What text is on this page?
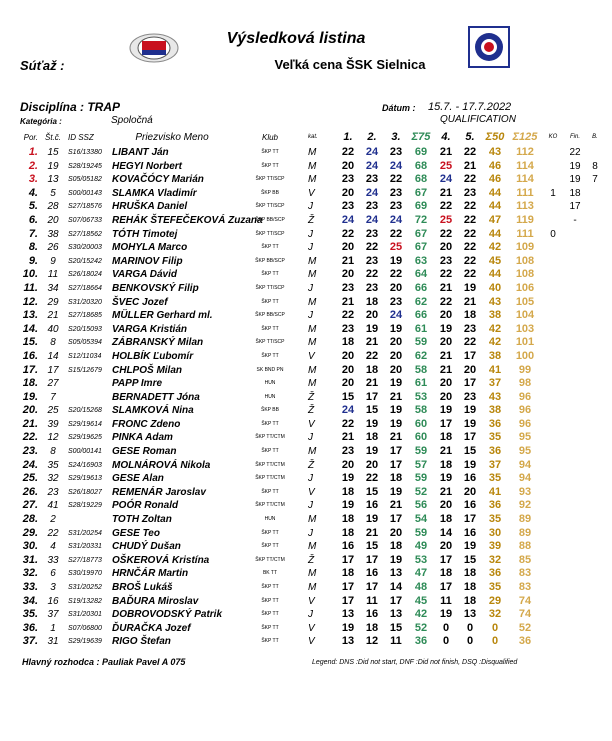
Výsledková listina
Súťaž :	Veľká cena ŠSK Sielnica
Disciplína : TRAP	Dátum : 15.7. - 17.7.2022
Kategória :	Spoločná	QUALIFICATION
Por.	Št.č.	ID SSZ	Priezvisko Meno	Klub	kat.	1.	2.	3.	Σ75	4.	5.	Σ50	Σ125	KO	Fin.	B.
1.	15	S16/13380	LIBANT Ján	ŠKP TT	M	22	24	23	69	21	22	43	112		22	
2.	19	S28/19245	HEGYI Norbert	ŠKP TT	M	20	24	24	68	25	21	46	114		19	8
3.	13	S05/05182	KOVAČÓCY Marián	ŠKP TT/SCP	M	23	23	22	68	24	22	46	114		19	7
4.	5	S00/00143	SLAMKA Vladimír	ŠKP BB	V	20	24	23	67	21	23	44	111	1	18	
5.	28	S27/18576	HRUŠKA Daniel	ŠKP TT/SCP	J	23	23	23	69	22	22	44	113		17	
6.	20	S07/06733	REHÁK ŠTEFEČEKOVÁ Zuzana	ŠKP BB/SCP	Ž	24	24	24	72	25	22	47	119		-	
7.	38	S27/18562	TÓTH Timotej	ŠKP TT/SCP	J	22	23	22	67	22	22	44	111	0		
8.	26	S30/20003	MOHYLA Marco	ŠKP TT	J	20	22	25	67	20	22	42	109			
9.	9	S20/15242	MARINOV Filip	ŠKP BB/SCP	M	21	23	19	63	23	22	45	108			
10.	11	S26/18024	VARGA Dávid	ŠKP TT	M	20	22	22	64	22	22	44	108			
11.	34	S27/18664	BENKOVSKÝ Filip	ŠKP TT/SCP	J	23	23	20	66	21	19	40	106			
12.	29	S31/20320	ŠVEC Jozef	ŠKP TT	M	21	18	23	62	22	21	43	105			
13.	21	S27/18685	MÜLLER Gerhard ml.	ŠKP BB/SCP	J	22	20	24	66	20	18	38	104			
14.	40	S20/15093	VARGA Kristián	ŠKP TT	M	23	19	19	61	19	23	42	103			
15.	8	S05/05394	ZÁBRANSKÝ Milan	ŠKP TT/SCP	M	18	21	20	59	20	22	42	101			
16.	14	S12/11034	HOLBÍK Ľubomír	ŠKP TT	V	20	22	20	62	21	17	38	100			
17.	17	S15/12679	CHLPOŠ Milan	SK BND PN	M	20	18	20	58	21	20	41	99			
18.	27		PAPP Imre	HUN	M	20	21	19	61	20	17	37	98			
19.	7		BERNADETT Jóna	HUN	Ž	15	17	21	53	20	23	43	96			
20.	25	S20/15268	SLAMKOVÁ Nina	ŠKP BB	Ž	24	15	19	58	19	19	38	96			
21.	39	S29/19614	FRONC Zdeno	ŠKP TT	V	22	19	19	60	17	19	36	96			
22.	12	S29/19625	PINKA Adam	ŠKP TT/CTM	J	21	18	21	60	18	17	35	95			
23.	8	S00/00141	GESE Roman	ŠKP TT	M	23	19	17	59	21	15	36	95			
24.	35	S24/16903	MOLNÁROVÁ Nikola	ŠKP TT/CTM	Ž	20	20	17	57	18	19	37	94			
25.	32	S29/19613	GESE Alan	ŠKP TT/CTM	J	19	22	18	59	19	16	35	94			
26.	23	S26/18027	REMENÁR Jaroslav	ŠKP TT	V	18	15	19	52	21	20	41	93			
27.	41	S28/19229	POÓR Ronald	ŠKP TT/CTM	J	19	16	21	56	20	16	36	92			
28.	2		TOTH Zoltan	HUN	M	18	19	17	54	18	17	35	89			
29.	22	S31/20254	GESE Teo	ŠKP TT	J	18	21	20	59	14	16	30	89			
30.	4	S31/20331	CHUDÝ Dušan	ŠKP TT	M	16	15	18	49	20	19	39	88			
31.	33	S27/18773	OŠKEROVÁ Kristína	ŠKP TT/CTM	Ž	17	17	19	53	17	15	32	85			
32.	6	S30/19970	HRNČÁR Martin	BK TT	M	18	16	13	47	18	18	36	83			
33.	3	S31/20252	BROŠ Lukáš	ŠKP TT	M	17	17	14	48	17	18	35	83			
34.	16	S19/13282	BAĎURA Miroslav	ŠKP TT	V	17	11	17	45	11	18	29	74			
35.	37	S31/20301	DOBROVODSKÝ Patrik	ŠKP TT	J	13	16	13	42	19	13	32	74			
36.	1	S07/06800	ĎURAČKA Jozef	ŠKP TT	V	19	18	15	52	0	0	0	52			
37.	31	S29/19639	RIGO Štefan	ŠKP TT	V	13	12	11	36	0	0	0	36			
Hlavný rozhodca : Pauliak Pavel A 075	Legend: DNS :Did not start, DNF :Did not finish, DSQ :Disqualified
